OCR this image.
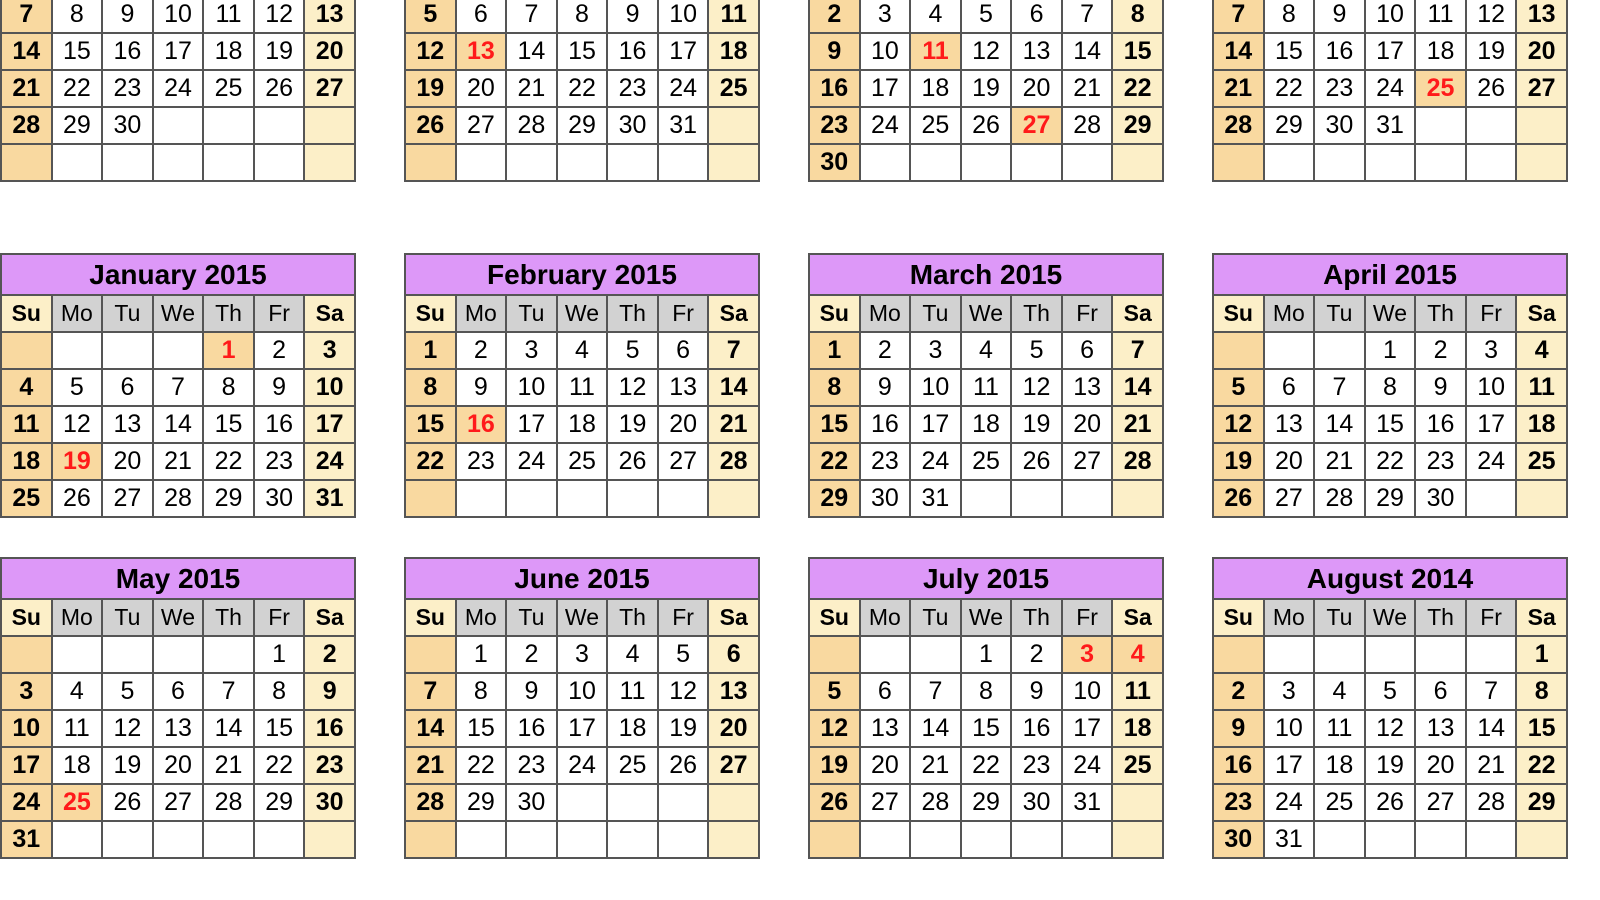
7	8	9	10	11	12	13
14	15	16	17	18	19	20
21	22	23	24	25	26	27
28	29	30				

5	6	7	8	9	10	11
12	13	14	15	16	17	18
19	20	21	22	23	24	25
26	27	28	29	30	31	

2	3	4	5	6	7	8
9	10	11	12	13	14	15
16	17	18	19	20	21	22
23	24	25	26	27	28	29
30						

7	8	9	10	11	12	13
14	15	16	17	18	19	20
21	22	23	24	25	26	27
28	29	30	31			

January 2015						
Su	Mo	Tu	We	Th	Fr	Sa
				1	2	3
4	5	6	7	8	9	10
11	12	13	14	15	16	17
18	19	20	21	22	23	24
25	26	27	28	29	30	31
February 2015						
Su	Mo	Tu	We	Th	Fr	Sa
1	2	3	4	5	6	7
8	9	10	11	12	13	14
15	16	17	18	19	20	21
22	23	24	25	26	27	28

March 2015						
Su	Mo	Tu	We	Th	Fr	Sa
1	2	3	4	5	6	7
8	9	10	11	12	13	14
15	16	17	18	19	20	21
22	23	24	25	26	27	28
29	30	31				
April 2015						
Su	Mo	Tu	We	Th	Fr	Sa
			1	2	3	4
5	6	7	8	9	10	11
12	13	14	15	16	17	18
19	20	21	22	23	24	25
26	27	28	29	30		
May 2015						
Su	Mo	Tu	We	Th	Fr	Sa
					1	2
3	4	5	6	7	8	9
10	11	12	13	14	15	16
17	18	19	20	21	22	23
24	25	26	27	28	29	30
31						
June 2015						
Su	Mo	Tu	We	Th	Fr	Sa
	1	2	3	4	5	6
7	8	9	10	11	12	13
14	15	16	17	18	19	20
21	22	23	24	25	26	27
28	29	30				

July 2015						
Su	Mo	Tu	We	Th	Fr	Sa
			1	2	3	4
5	6	7	8	9	10	11
12	13	14	15	16	17	18
19	20	21	22	23	24	25
26	27	28	29	30	31	

August 2014						
Su	Mo	Tu	We	Th	Fr	Sa
						1
2	3	4	5	6	7	8
9	10	11	12	13	14	15
16	17	18	19	20	21	22
23	24	25	26	27	28	29
30	31					
